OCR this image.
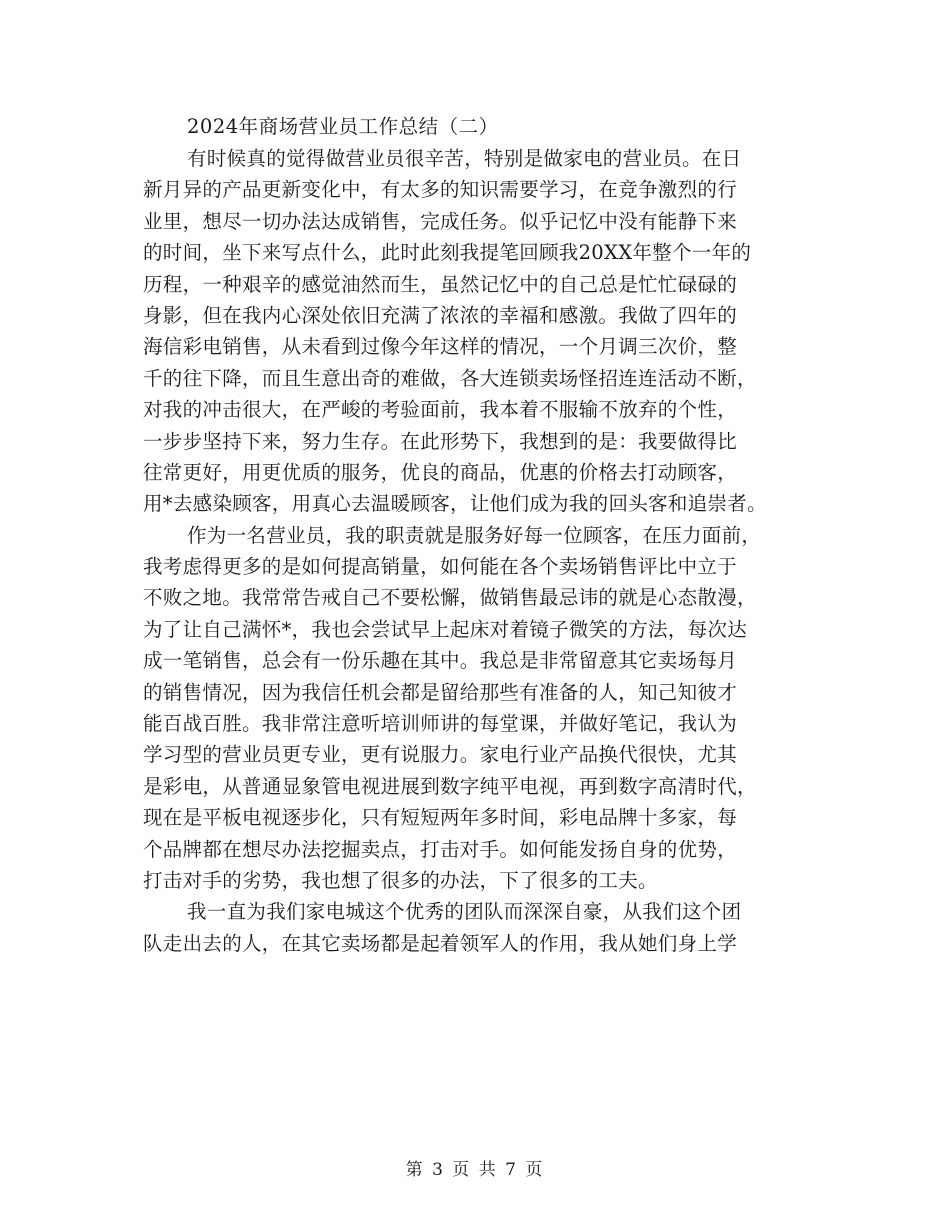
2024年商场营业员工作总结（二）
有时候真的觉得做营业员很辛苦，特别是做家电的营业员。在日
新月异的产品更新变化中，有太多的知识需要学习，在竞争激烈的行
业里，想尽一切办法达成销售，完成任务。似乎记忆中没有能静下来
的时间，坐下来写点什么，此时此刻我提笔回顾我20XX年整个一年的
历程，一种艰辛的感觉油然而生，虽然记忆中的自己总是忙忙碌碌的
身影，但在我内心深处依旧充满了浓浓的幸福和感激。我做了四年的
海信彩电销售，从未看到过像今年这样的情况，一个月调三次价，整
千的往下降，而且生意出奇的难做，各大连锁卖场怪招连连活动不断，
对我的冲击很大，在严峻的考验面前，我本着不服输不放弃的个性，
一步步坚持下来，努力生存。在此形势下，我想到的是：我要做得比
往常更好，用更优质的服务，优良的商品，优惠的价格去打动顾客，
用*去感染顾客，用真心去温暖顾客，让他们成为我的回头客和追崇者。
作为一名营业员，我的职责就是服务好每一位顾客，在压力面前，
我考虑得更多的是如何提高销量，如何能在各个卖场销售评比中立于
不败之地。我常常告戒自己不要松懈，做销售最忌讳的就是心态散漫，
为了让自己满怀*，我也会尝试早上起床对着镜子微笑的方法，每次达
成一笔销售，总会有一份乐趣在其中。我总是非常留意其它卖场每月
的销售情况，因为我信任机会都是留给那些有准备的人，知己知彼才
能百战百胜。我非常注意听培训师讲的每堂课，并做好笔记，我认为
学习型的营业员更专业，更有说服力。家电行业产品换代很快，尤其
是彩电，从普通显象管电视进展到数字纯平电视，再到数字高清时代，
现在是平板电视逐步化，只有短短两年多时间，彩电品牌十多家，每
个品牌都在想尽办法挖掘卖点，打击对手。如何能发扬自身的优势，
打击对手的劣势，我也想了很多的办法，下了很多的工夫。
我一直为我们家电城这个优秀的团队而深深自豪，从我们这个团
队走出去的人，在其它卖场都是起着领军人的作用，我从她们身上学
第 3 页 共 7 页
